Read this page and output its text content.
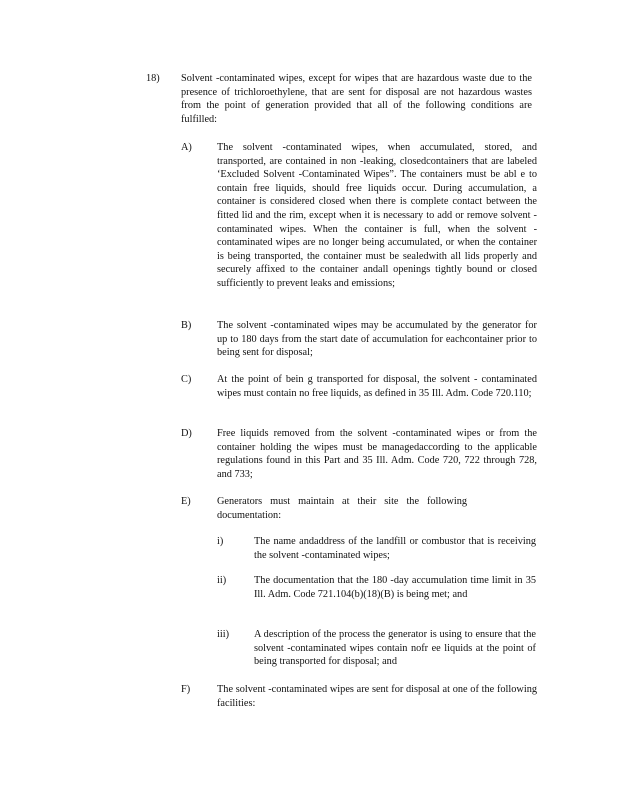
18) Solvent -contaminated wipes, except for wipes that are hazardous waste due to the presence of trichloroethylene, that are sent for disposal are not hazardous wastes from the point of generation provided that all of the following conditions are fulfilled:
A) The solvent -contaminated wipes, when accumulated, stored, and transported, are contained in non -leaking, closedcontainers that are labeled ‘Excluded Solvent -Contaminated Wipes”. The containers must be abl e to contain free liquids, should free liquids occur. During accumulation, a container is considered closed when there is complete contact between the fitted lid and the rim, except when it is necessary to add or remove solvent -contaminated wipes. When the container is full, when the solvent -contaminated wipes are no longer being accumulated, or when the container is being transported, the container must be sealedwith all lids properly and securely affixed to the container andall openings tightly bound or closed sufficiently to prevent leaks and emissions;
B) The solvent -contaminated wipes may be accumulated by the generator for up to 180 days from the start date of accumulation for eachcontainer prior to being sent for disposal;
C) At the point of bein g transported for disposal, the solvent - contaminated wipes must contain no free liquids, as defined in 35 Ill. Adm. Code 720.110;
D) Free liquids removed from the solvent -contaminated wipes or from the container holding the wipes must be managedaccording to the applicable regulations found in this Part and 35 Ill. Adm. Code 720, 722 through 728, and 733;
E)	Generators must maintain at their site the following documentation:
i)	The name andaddress of the landfill or combustor that is receiving the solvent -contaminated wipes;
ii)	The documentation that the 180 -day accumulation time limit in 35 Ill. Adm. Code 721.104(b)(18)(B) is being met; and
iii) A description of the process the generator is using to ensure that the solvent -contaminated wipes contain nofr ee liquids at the point of being transported for disposal; and
F)	The solvent -contaminated wipes are sent for disposal at one of the following facilities:
